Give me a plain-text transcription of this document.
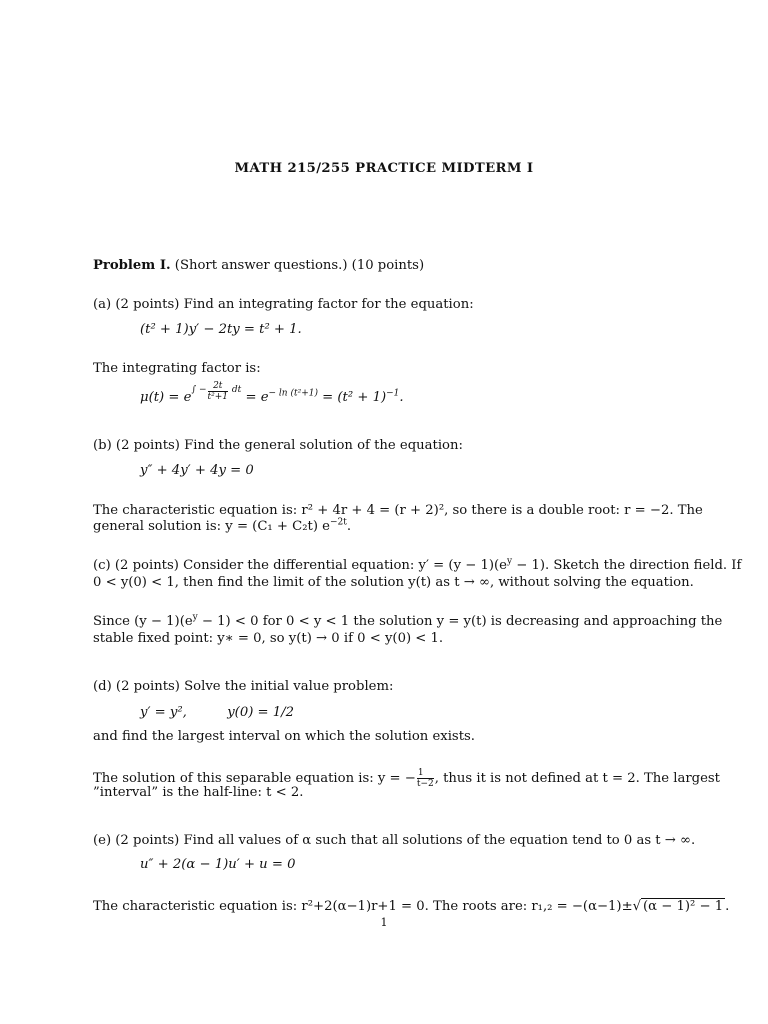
MATH 215/255 PRACTICE MIDTERM I
Problem I. (Short answer questions.) (10 points)
(a) (2 points) Find an integrating factor for the equation:
(t² + 1)y′ − 2ty = t² + 1.
The integrating factor is:
$\mu(t) = e^{\int - \frac{2t}{\text{t²+1}} dt} = e^{- ln (t^2+1)} = (t^2 + 1)^{-1}$.
(b) (2 points) Find the general solution of the equation:
y″ + 4y′ + 4y = 0
The characteristic equation is: r² + 4r + 4 = (r + 2)², so there is a double root: r = −2. The
general solution is: y = (C₁ + C₂t) $e^{-2t}$.
(c) (2 points) Consider the differential equation: $y' = (y - 1)(e^y - 1)$. Sketch the direction field. If
0 < y(0) < 1, then find the limit of the solution y(t) as t → ∞, without solving the equation.
Since $(y - 1)(e^y - 1) < 0$ for 0 < y < 1 the solution y = y(t) is decreasing and approaching the
stable fixed point: y∗ = 0, so y(t) → 0 if 0 < y(0) < 1.
(d) (2 points) Solve the initial value problem:
y′ = y²,	y(0) = 1/2
and find the largest interval on which the solution exists.
The solution of this separable equation is: y = − $\frac{1}{t-2}$ , thus it is not defined at t = 2. The largest
”interval” is the half-line: t < 2.
(e) (2 points) Find all values of α such that all solutions of the equation tend to 0 as t → ∞.
u″ + 2(α − 1)u′ + u = 0
The characteristic equation is: r²+2(α−1)r+1 = 0. The roots are: r₁,₂ = −(α−1)±√ (α − 1)² − 1 .
1
